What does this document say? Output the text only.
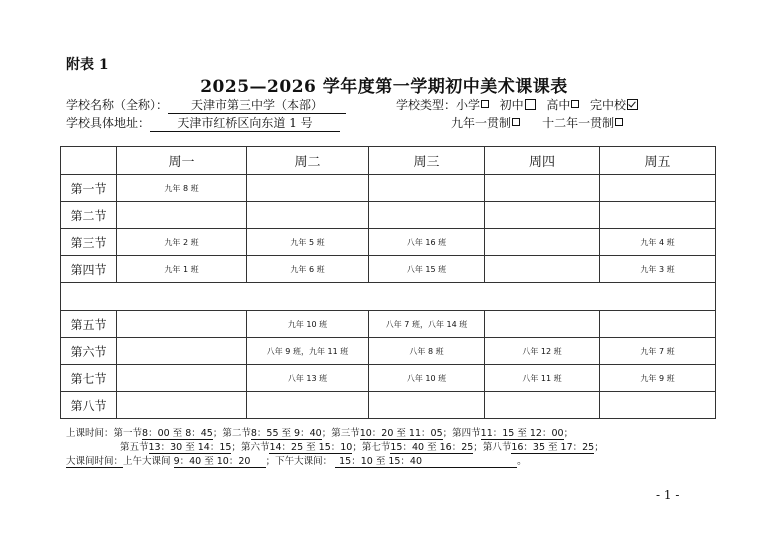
附表 1
2025—2026 学年度第一学期初中美术课课表
学校名称（全称）： 天津市第三中学（本部）	学校类型：小学 初中 高中 完中校
学校具体地址： 天津市红桥区向东道 1 号	九年一贯制	十二年一贯制
	周一	周二	周三	周四	周五
第一节	九年 8 班				
第二节					
第三节	九年 2 班	九年 5 班	八年 16 班		九年 4 班
第四节	九年 1 班	九年 6 班	八年 15 班		九年 3 班

第五节		九年 10 班	八年 7 班，八年 14 班		
第六节		八年 9 班，九年 11 班	八年 8 班	八年 12 班	九年 7 班
第七节		八年 13 班	八年 10 班	八年 11 班	九年 9 班
第八节					
上课时间：第一节8：00 至 8：45；第二节8：55 至 9：40；第三节10：20 至 11：05；第四节11：15 至 12：00；
第五节13：30 至 14：15；第六节14：25 至 15：10；第七节15：40 至 16：25；第八节16：35 至 17：25；
大课间时间：上午大课间 9：40 至 10：20 ；下午大课间： 15：10 至 15：40	。
- 1 -
